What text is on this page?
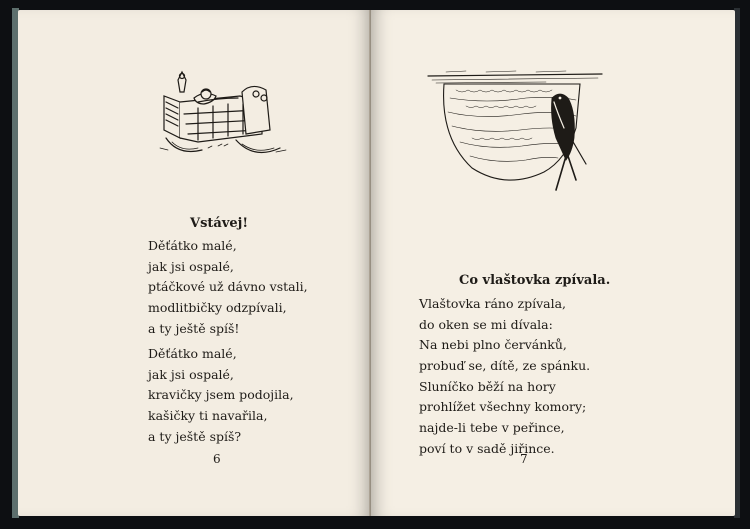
Vstávej!
Děťátko malé,
jak jsi ospalé,
ptáčkové už dávno vstali,
modlitbičky odzpívali,
a ty ještě spíš!
Děťátko malé,
jak jsi ospalé,
kravičky jsem podojila,
kašičky ti navařila,
a ty ještě spíš?
6
Co vlaštovka zpívala.
Vlaštovka ráno zpívala,
do oken se mi dívala:
Na nebi plno červánků,
probuď se, dítě, ze spánku.
Sluníčko běží na hory
prohlížet všechny komory;
najde-li tebe v peřince,
poví to v sadě jiřince.
7
